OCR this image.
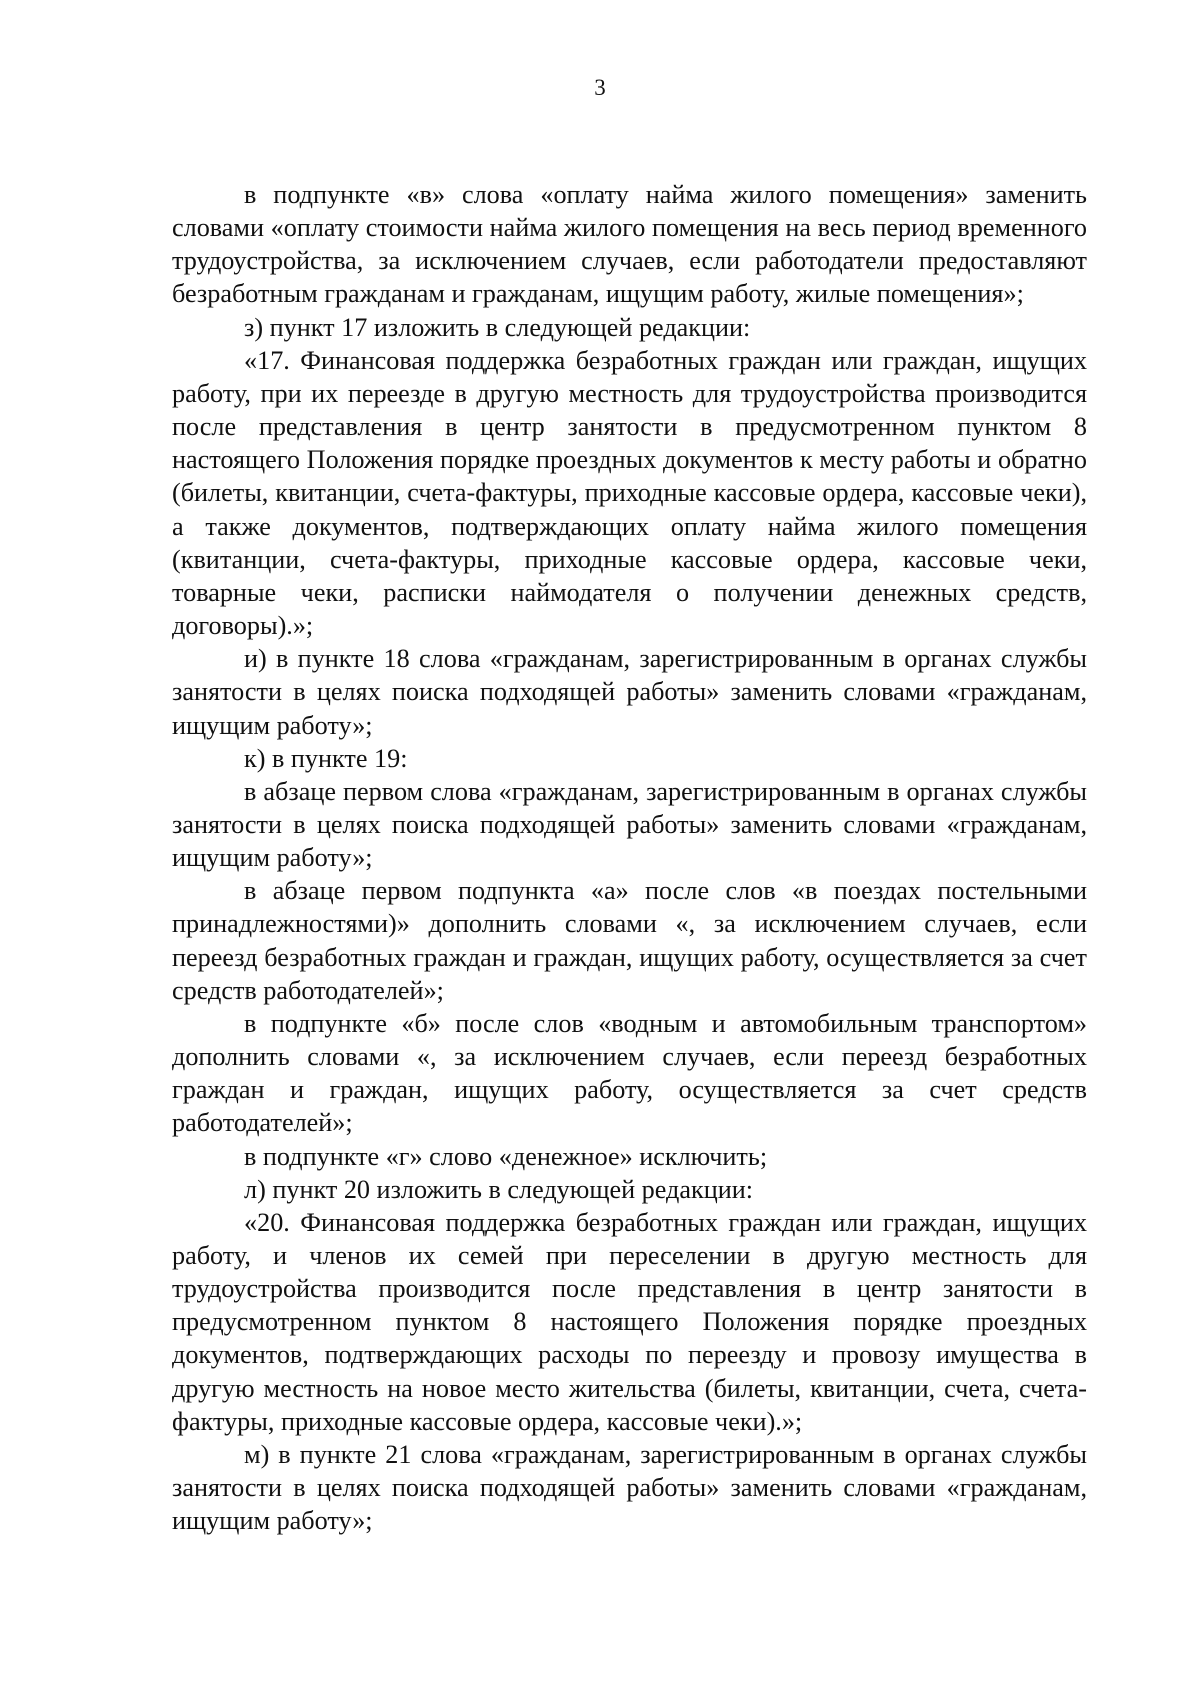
3

в подпункте «в» слова «оплату найма жилого помещения» заменить словами «оплату стоимости найма жилого помещения на весь период временного трудоустройства, за исключением случаев, если работодатели предоставляют безработным гражданам и гражданам, ищущим работу, жилые помещения»;

з) пункт 17 изложить в следующей редакции:

«17. Финансовая поддержка безработных граждан или граждан, ищущих работу, при их переезде в другую местность для трудоустройства производится после представления в центр занятости в предусмотренном пунктом 8 настоящего Положения порядке проездных документов к месту работы и обратно (билеты, квитанции, счета-фактуры, приходные кассовые ордера, кассовые чеки), а также документов, подтверждающих оплату найма жилого помещения (квитанции, счета-фактуры, приходные кассовые ордера, кассовые чеки, товарные чеки, расписки наймодателя о получении денежных средств, договоры).»;

и) в пункте 18 слова «гражданам, зарегистрированным в органах службы занятости в целях поиска подходящей работы» заменить словами «гражданам, ищущим работу»;

к) в пункте 19:

в абзаце первом слова «гражданам, зарегистрированным в органах службы занятости в целях поиска подходящей работы» заменить словами «гражданам, ищущим работу»;

в абзаце первом подпункта «а» после слов «в поездах постельными принадлежностями)» дополнить словами «, за исключением случаев, если переезд безработных граждан и граждан, ищущих работу, осуществляется за счет средств работодателей»;

в подпункте «б» после слов «водным и автомобильным транспортом» дополнить словами «, за исключением случаев, если переезд безработных граждан и граждан, ищущих работу, осуществляется за счет средств работодателей»;

в подпункте «г» слово «денежное» исключить;

л) пункт 20 изложить в следующей редакции:

«20. Финансовая поддержка безработных граждан или граждан, ищущих работу, и членов их семей при переселении в другую местность для трудоустройства производится после представления в центр занятости в предусмотренном пунктом 8 настоящего Положения порядке проездных документов, подтверждающих расходы по переезду и провозу имущества в другую местность на новое место жительства (билеты, квитанции, счета, счета-фактуры, приходные кассовые ордера, кассовые чеки).»;

м) в пункте 21 слова «гражданам, зарегистрированным в органах службы занятости в целях поиска подходящей работы» заменить словами «гражданам, ищущим работу»;
